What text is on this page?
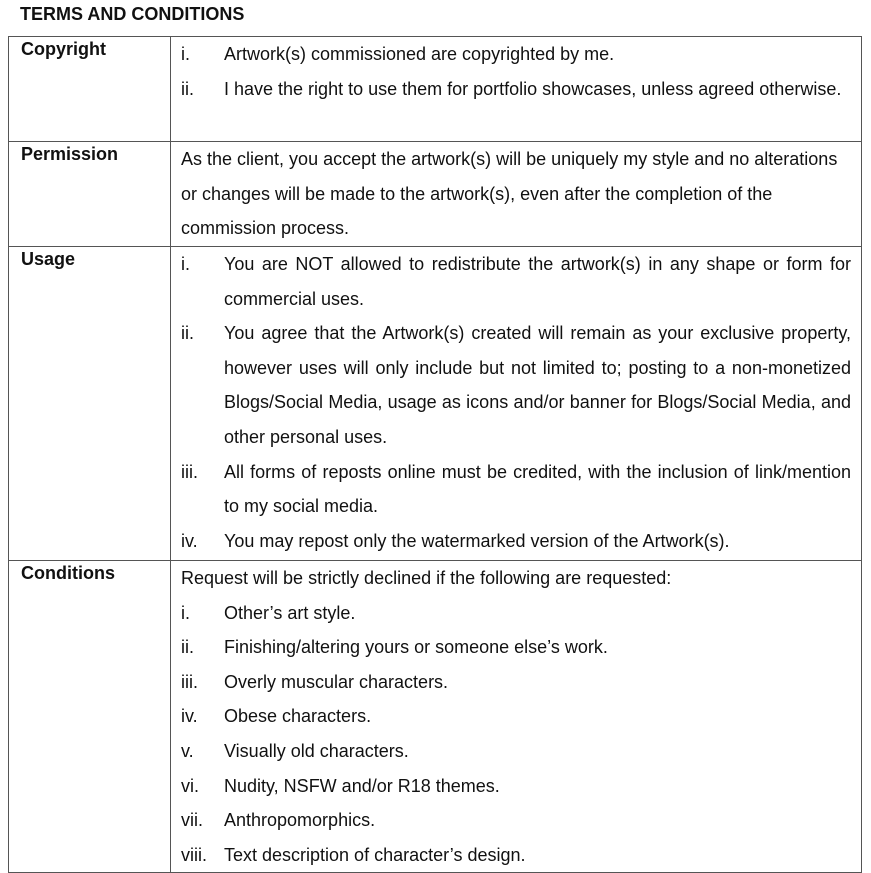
TERMS AND CONDITIONS
Copyright	i. Artwork(s) commissioned are copyrighted by me.
ii. I have the right to use them for portfolio showcases, unless agreed otherwise.

Permission	As the client, you accept the artwork(s) will be uniquely my style and no alterations or changes will be made to the artwork(s), even after the completion of the commission process.

Usage	i.	You are NOT allowed to redistribute the artwork(s) in any shape or form for commercial uses.
ii.	You agree that the Artwork(s) created will remain as your exclusive property, however uses will only include but not limited to; posting to a non-monetized Blogs/Social Media, usage as icons and/or banner for Blogs/Social Media, and other personal uses.
iii.	All forms of reposts online must be credited, with the inclusion of link/mention to my social media.
iv.	You may repost only the watermarked version of the Artwork(s).

Conditions	Request will be strictly declined if the following are requested:

i.	Other’s art style.
ii.	Finishing/altering yours or someone else’s work.
iii.	Overly muscular characters.
iv.	Obese characters.
v.	Visually old characters.
vi.	Nudity, NSFW and/or R18 themes.
vii.	Anthropomorphics.
viii. Text description of character’s design.
